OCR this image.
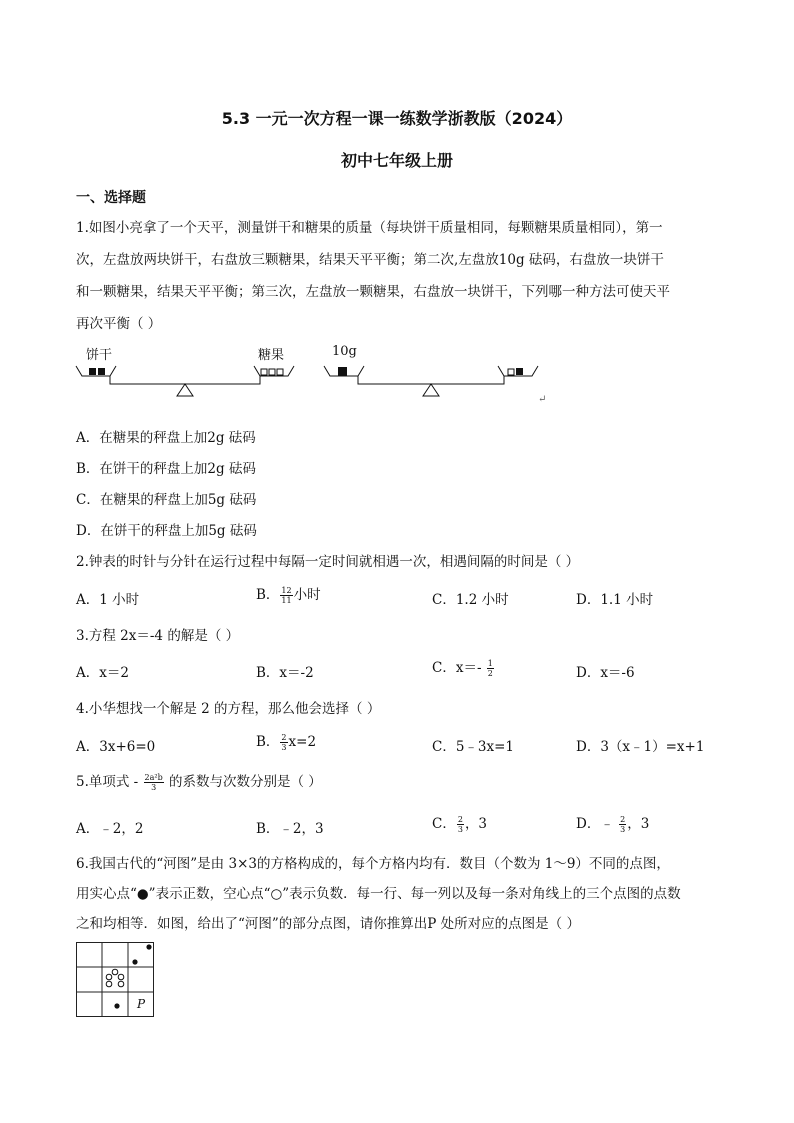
5.3 一元一次方程一课一练数学浙教版（2024）
初中七年级上册
一、选择题
1.如图小亮拿了一个天平，测量饼干和糖果的质量（每块饼干质量相同，每颗糖果质量相同），第一
次，左盘放两块饼干，右盘放三颗糖果，结果天平平衡；第二次,左盘放10g 砝码，右盘放一块饼干
和一颗糖果，结果天平平衡；第三次，左盘放一颗糖果，右盘放一块饼干，下列哪一种方法可使天平
再次平衡（ ）
饼干	糖果	10g
↵
A．在糖果的秤盘上加2g 砝码
B．在饼干的秤盘上加2g 砝码
C．在糖果的秤盘上加5g 砝码
D．在饼干的秤盘上加5g 砝码
2.钟表的时针与分针在运行过程中每隔一定时间就相遇一次，相遇间隔的时间是（ ）
A．1 小时	B． $\frac{12}{11}$ 小时	C．1.2 小时	D．1.1 小时
3.方程 2x＝-4 的解是（ ）
A．x＝2	B．x＝-2	C．$x=- \frac{1}{2}$	D．x＝-6
4.小华想找一个解是 2 的方程，那么他会选择（ ）
A．3x+6=0	B． $\frac{2}{3} x=2$	C．5﹣3x=1	D．3（x﹣1）=x+1
5.单项式 - $\frac{\text{2a²b}}{3}$ 的系数与次数分别是（ ）
A．﹣2，2	B．﹣2，3	C． $\frac{2}{3}$ ，3	D．﹣ $\frac{2}{3}$ ，3
6.我国古代的“河图”是由 3×3的方格构成的，每个方格内均有．数目（个数为 1～9）不同的点图，
用实心点“●”表示正数，空心点“○”表示负数．每一行、每一列以及每一条对角线上的三个点图的点数
之和均相等．如图，给出了“河图”的部分点图，请你推算出P 处所对应的点图是（ ）
P
